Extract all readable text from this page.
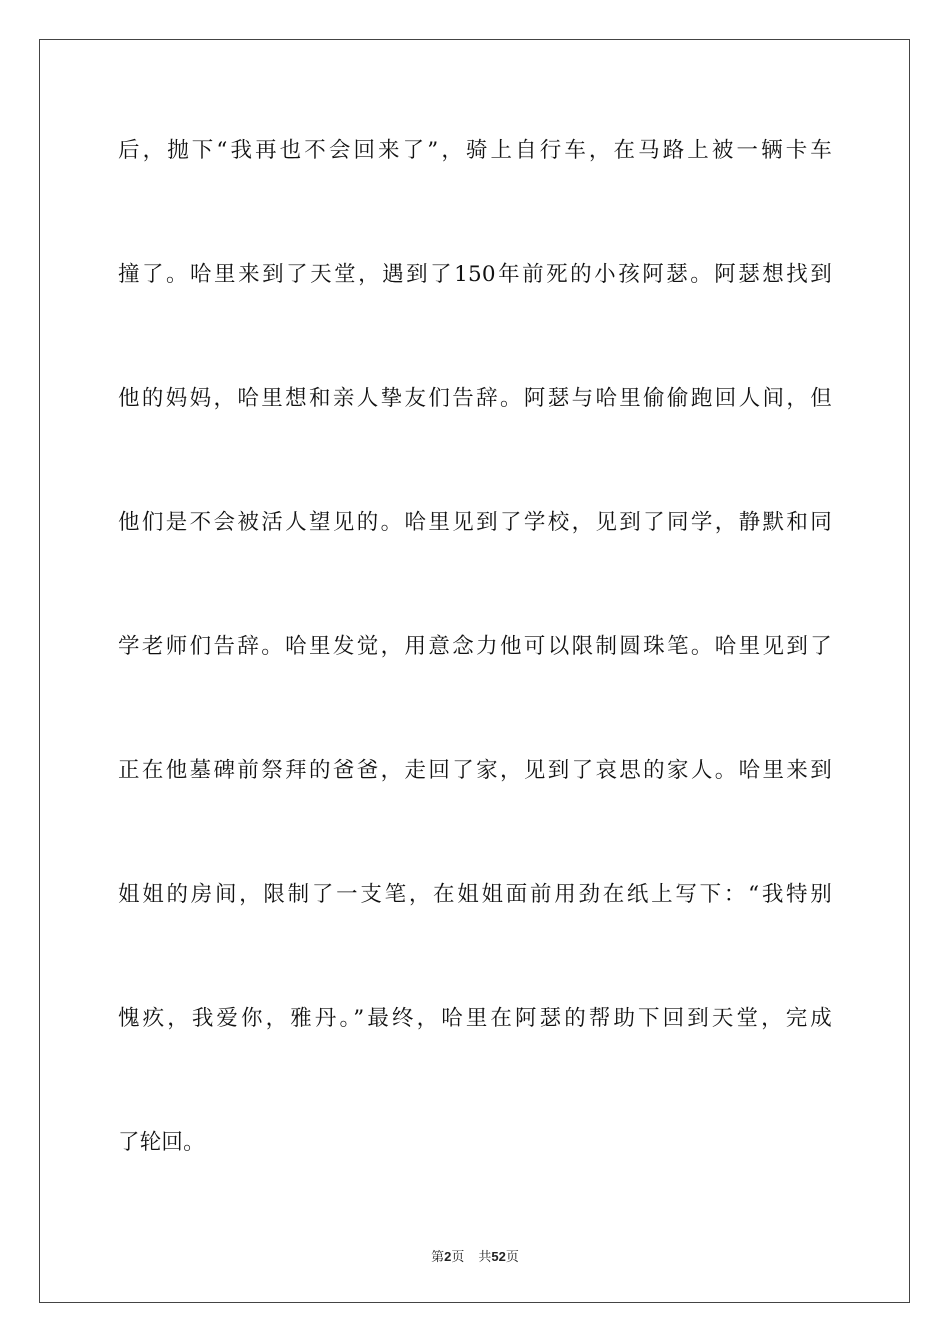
后，抛下“我再也不会回来了”，骑上自行车，在马路上被一辆卡车
撞了。哈里来到了天堂，遇到了150年前死的小孩阿瑟。阿瑟想找到
他的妈妈，哈里想和亲人挚友们告辞。阿瑟与哈里偷偷跑回人间，但
他们是不会被活人望见的。哈里见到了学校，见到了同学，静默和同
学老师们告辞。哈里发觉，用意念力他可以限制圆珠笔。哈里见到了
正在他墓碑前祭拜的爸爸，走回了家，见到了哀思的家人。哈里来到
姐姐的房间，限制了一支笔，在姐姐面前用劲在纸上写下：“我特别
愧疚，我爱你，雅丹。”最终，哈里在阿瑟的帮助下回到天堂，完成
了轮回。
第2页 共52页
